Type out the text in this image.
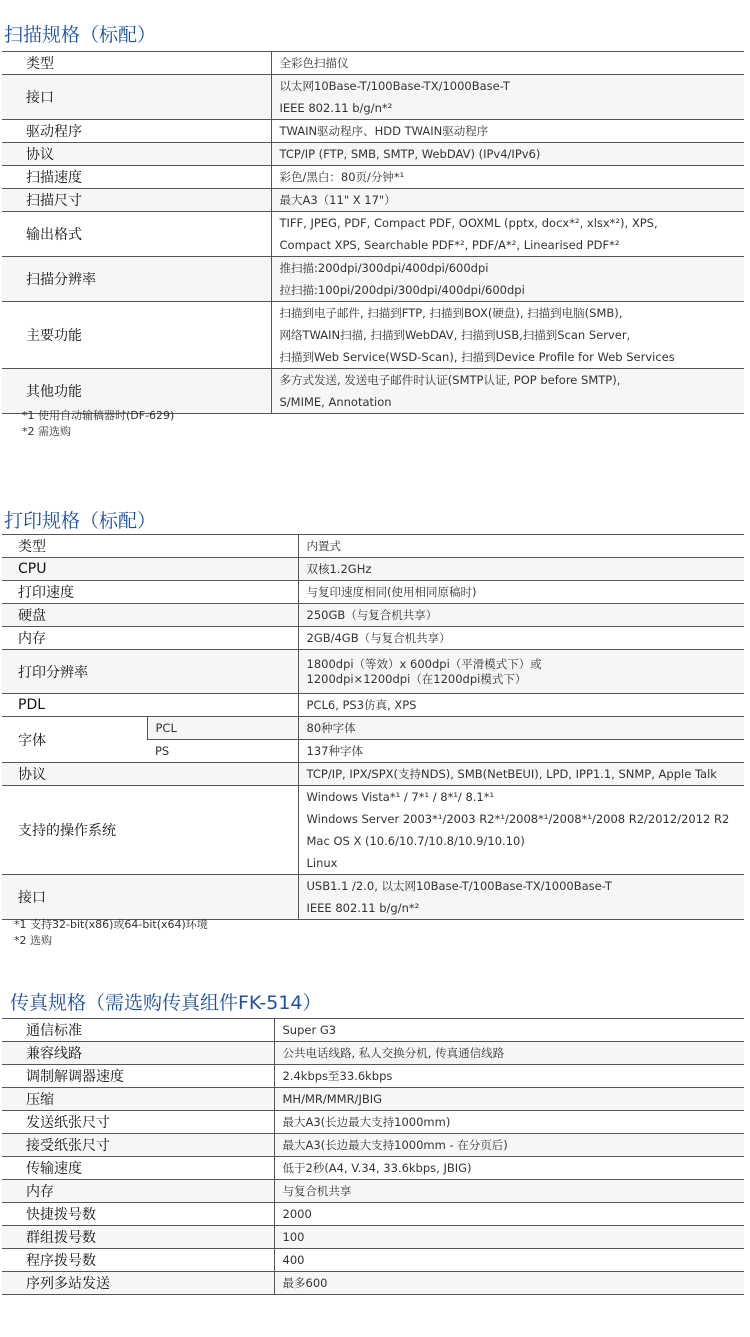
扫描规格（标配）
类型	全彩色扫描仪

接口	以太网10Base-T/100Base-TX/1000Base-T
IEEE 802.11 b/g/n*²

驱动程序	TWAIN驱动程序、HDD TWAIN驱动程序

协议	TCP/IP (FTP, SMB, SMTP, WebDAV) (IPv4/IPv6)

扫描速度	彩色/黑白：80页/分钟*¹

扫描尺寸	最大A3（11" X 17"）

输出格式	TIFF, JPEG, PDF, Compact PDF, OOXML (pptx, docx*², xlsx*²), XPS,
Compact XPS, Searchable PDF*², PDF/A*², Linearised PDF*²

扫描分辨率	推扫描:200dpi/300dpi/400dpi/600dpi
拉扫描:100pi/200dpi/300dpi/400dpi/600dpi

主要功能	扫描到电子邮件, 扫描到FTP, 扫描到BOX(硬盘), 扫描到电脑(SMB),
网络TWAIN扫描, 扫描到WebDAV, 扫描到USB,扫描到Scan Server,
扫描到Web Service(WSD-Scan), 扫描到Device Profile for Web Services

其他功能	多方式发送, 发送电子邮件时认证(SMTP认证, POP before SMTP),
S/MIME, Annotation
*1 使用自动输稿器时(DF-629)
*2 需选购
打印规格（标配）
类型		内置式

CPU		双核1.2GHz

打印速度		与复印速度相同(使用相同原稿时)

硬盘		250GB（与复合机共享）

内存		2GB/4GB（与复合机共享）

打印分辨率		1800dpi（等效）x 600dpi（平滑模式下）或
1200dpi×1200dpi（在1200dpi模式下）

PDL		PCL6, PS3仿真, XPS

字体	PCL	80种字体

	PS	137种字体

协议		TCP/IP, IPX/SPX(支持NDS), SMB(NetBEUI), LPD, IPP1.1, SNMP, Apple Talk

支持的操作系统		Windows Vista*¹ / 7*¹ / 8*¹/ 8.1*¹
Windows Server 2003*¹/2003 R2*¹/2008*¹/2008*¹/2008 R2/2012/2012 R2
Mac OS X (10.6/10.7/10.8/10.9/10.10)
Linux

接口		USB1.1 /2.0, 以太网10Base-T/100Base-TX/1000Base-T
IEEE 802.11 b/g/n*²
*1 支持32-bit(x86)或64-bit(x64)环境
*2 选购
传真规格（需选购传真组件FK-514）
通信标准	Super G3

兼容线路	公共电话线路, 私人交换分机, 传真通信线路

调制解调器速度	2.4kbps至33.6kbps

压缩	MH/MR/MMR/JBIG

发送纸张尺寸	最大A3(长边最大支持1000mm)

接受纸张尺寸	最大A3(长边最大支持1000mm - 在分页后)

传输速度	低于2秒(A4, V.34, 33.6kbps, JBIG)

内存	与复合机共享

快捷拨号数	2000

群组拨号数	100

程序拨号数	400

序列多站发送	最多600
